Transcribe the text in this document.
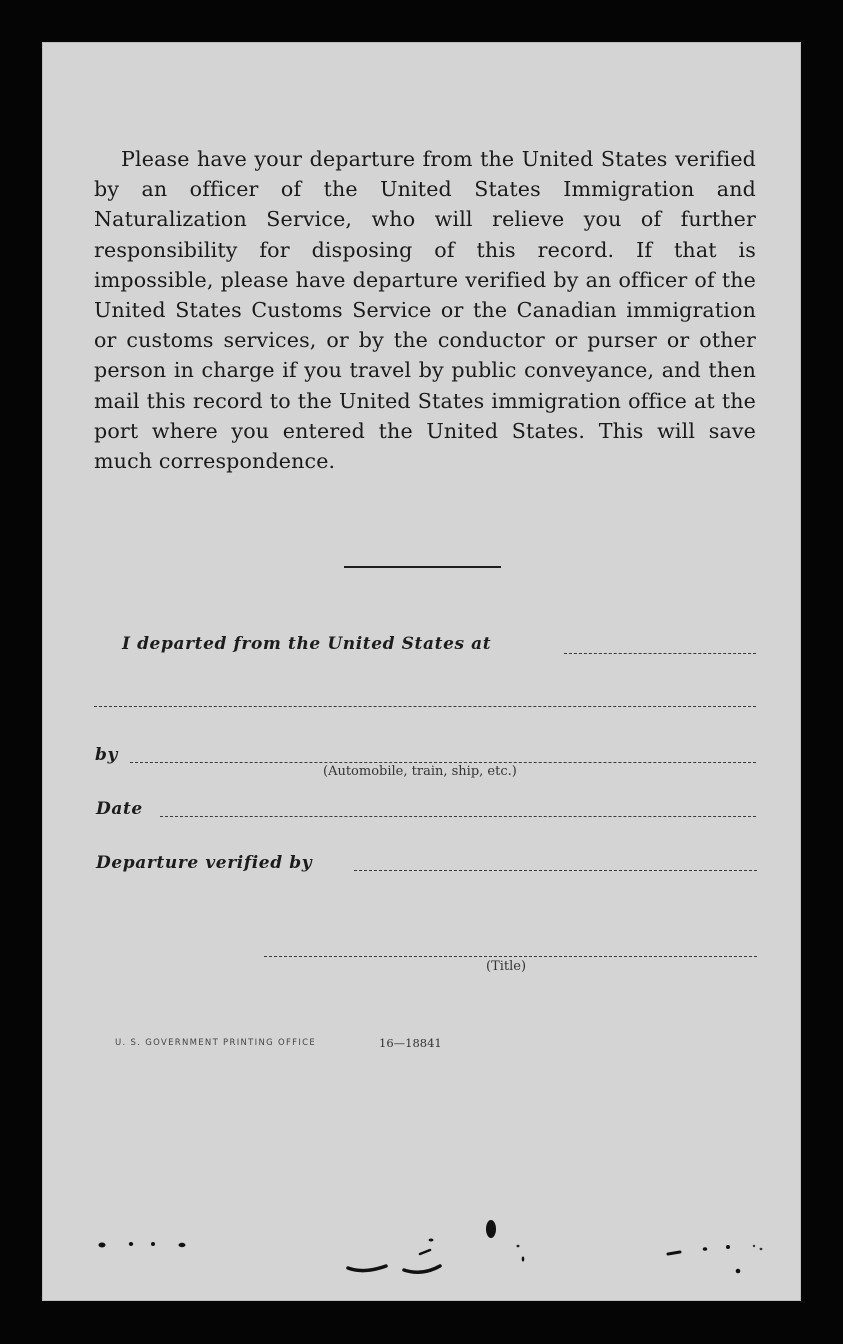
Please have your departure from the United States verified by an officer of the United States Immigration and Naturalization Service, who will relieve you of further responsibility for disposing of this record. If that is impossible, please have departure verified by an officer of the United States Customs Service or the Canadian immigration or customs services, or by the conductor or purser or other person in charge if you travel by public conveyance, and then mail this record to the United States immigration office at the port where you entered the United States. This will save much correspondence.

I departed from the United States at
by
(Automobile, train, ship, etc.)
Date
Departure verified by
(Title)
U. S. GOVERNMENT PRINTING OFFICE	16—18841
